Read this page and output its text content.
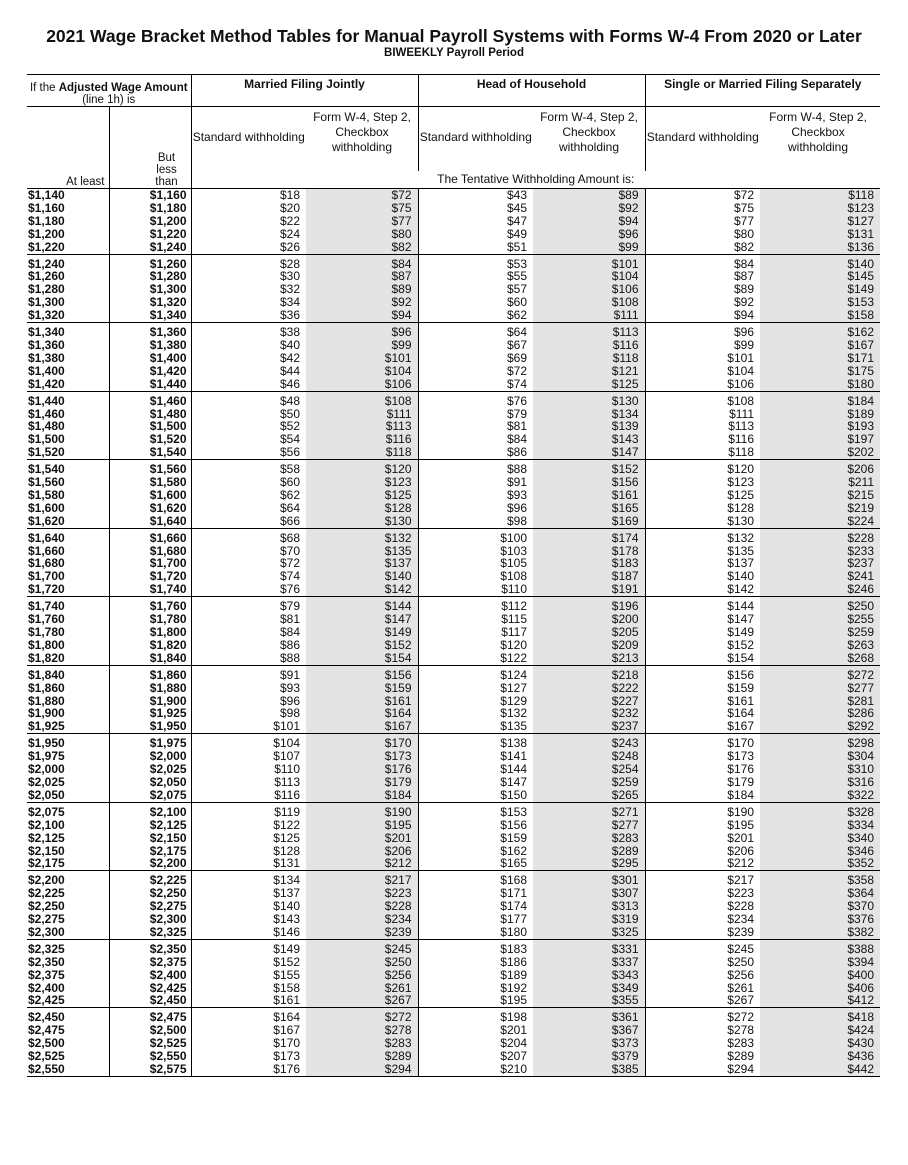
2021 Wage Bracket Method Tables for Manual Payroll Systems with Forms W-4 From 2020 or Later
BIWEEKLY Payroll Period
If the Adjusted Wage Amount (line 1h) is		Married Filing Jointly		Head of Household		Single or Married Filing Separately	
At least	But less than	Standard withholding	Form W-4, Step 2, Checkbox withholding	Standard withholding	Form W-4, Step 2, Checkbox withholding	Standard withholding	Form W-4, Step 2, Checkbox withholding

		The Tentative Withholding Amount is:					
$1,140	$1,160	$18	$72	$43	$89	$72	$118
$1,160	$1,180	$20	$75	$45	$92	$75	$123
$1,180	$1,200	$22	$77	$47	$94	$77	$127
$1,200	$1,220	$24	$80	$49	$96	$80	$131
$1,220	$1,240	$26	$82	$51	$99	$82	$136
$1,240	$1,260	$28	$84	$53	$101	$84	$140
$1,260	$1,280	$30	$87	$55	$104	$87	$145
$1,280	$1,300	$32	$89	$57	$106	$89	$149
$1,300	$1,320	$34	$92	$60	$108	$92	$153
$1,320	$1,340	$36	$94	$62	$111	$94	$158
$1,340	$1,360	$38	$96	$64	$113	$96	$162
$1,360	$1,380	$40	$99	$67	$116	$99	$167
$1,380	$1,400	$42	$101	$69	$118	$101	$171
$1,400	$1,420	$44	$104	$72	$121	$104	$175
$1,420	$1,440	$46	$106	$74	$125	$106	$180
$1,440	$1,460	$48	$108	$76	$130	$108	$184
$1,460	$1,480	$50	$111	$79	$134	$111	$189
$1,480	$1,500	$52	$113	$81	$139	$113	$193
$1,500	$1,520	$54	$116	$84	$143	$116	$197
$1,520	$1,540	$56	$118	$86	$147	$118	$202
$1,540	$1,560	$58	$120	$88	$152	$120	$206
$1,560	$1,580	$60	$123	$91	$156	$123	$211
$1,580	$1,600	$62	$125	$93	$161	$125	$215
$1,600	$1,620	$64	$128	$96	$165	$128	$219
$1,620	$1,640	$66	$130	$98	$169	$130	$224
$1,640	$1,660	$68	$132	$100	$174	$132	$228
$1,660	$1,680	$70	$135	$103	$178	$135	$233
$1,680	$1,700	$72	$137	$105	$183	$137	$237
$1,700	$1,720	$74	$140	$108	$187	$140	$241
$1,720	$1,740	$76	$142	$110	$191	$142	$246
$1,740	$1,760	$79	$144	$112	$196	$144	$250
$1,760	$1,780	$81	$147	$115	$200	$147	$255
$1,780	$1,800	$84	$149	$117	$205	$149	$259
$1,800	$1,820	$86	$152	$120	$209	$152	$263
$1,820	$1,840	$88	$154	$122	$213	$154	$268
$1,840	$1,860	$91	$156	$124	$218	$156	$272
$1,860	$1,880	$93	$159	$127	$222	$159	$277
$1,880	$1,900	$96	$161	$129	$227	$161	$281
$1,900	$1,925	$98	$164	$132	$232	$164	$286
$1,925	$1,950	$101	$167	$135	$237	$167	$292
$1,950	$1,975	$104	$170	$138	$243	$170	$298
$1,975	$2,000	$107	$173	$141	$248	$173	$304
$2,000	$2,025	$110	$176	$144	$254	$176	$310
$2,025	$2,050	$113	$179	$147	$259	$179	$316
$2,050	$2,075	$116	$184	$150	$265	$184	$322
$2,075	$2,100	$119	$190	$153	$271	$190	$328
$2,100	$2,125	$122	$195	$156	$277	$195	$334
$2,125	$2,150	$125	$201	$159	$283	$201	$340
$2,150	$2,175	$128	$206	$162	$289	$206	$346
$2,175	$2,200	$131	$212	$165	$295	$212	$352
$2,200	$2,225	$134	$217	$168	$301	$217	$358
$2,225	$2,250	$137	$223	$171	$307	$223	$364
$2,250	$2,275	$140	$228	$174	$313	$228	$370
$2,275	$2,300	$143	$234	$177	$319	$234	$376
$2,300	$2,325	$146	$239	$180	$325	$239	$382
$2,325	$2,350	$149	$245	$183	$331	$245	$388
$2,350	$2,375	$152	$250	$186	$337	$250	$394
$2,375	$2,400	$155	$256	$189	$343	$256	$400
$2,400	$2,425	$158	$261	$192	$349	$261	$406
$2,425	$2,450	$161	$267	$195	$355	$267	$412
$2,450	$2,475	$164	$272	$198	$361	$272	$418
$2,475	$2,500	$167	$278	$201	$367	$278	$424
$2,500	$2,525	$170	$283	$204	$373	$283	$430
$2,525	$2,550	$173	$289	$207	$379	$289	$436
$2,550	$2,575	$176	$294	$210	$385	$294	$442
